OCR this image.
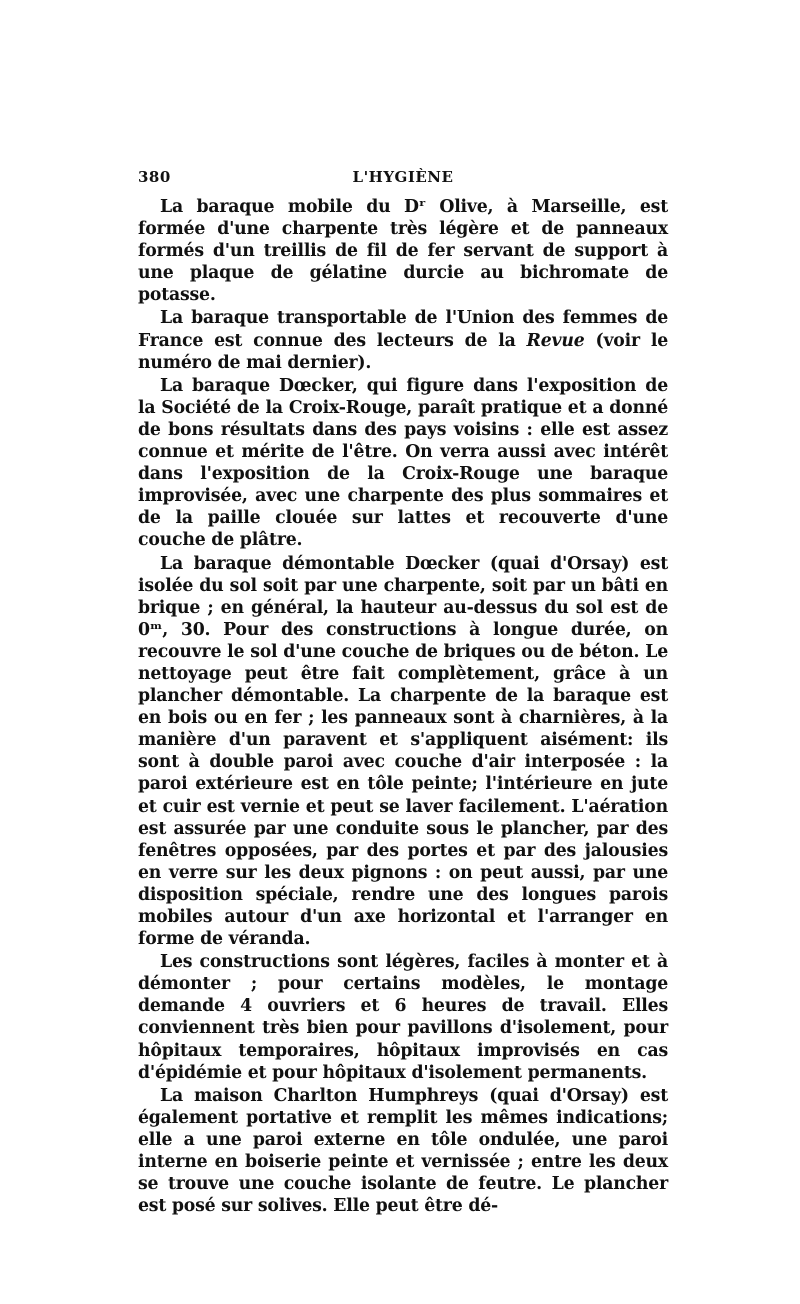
380	L'HYGIÈNE

La baraque mobile du Dʳ Olive, à Marseille, est formée d'une charpente très légère et de panneaux formés d'un treillis de fil de fer servant de support à une plaque de gélatine durcie au bichromate de potasse.

La baraque transportable de l'Union des femmes de France est connue des lecteurs de la Revue (voir le numéro de mai dernier).

La baraque Dœcker, qui figure dans l'exposition de la Société de la Croix-Rouge, paraît pratique et a donné de bons résultats dans des pays voisins : elle est assez connue et mérite de l'être. On verra aussi avec intérêt dans l'exposition de la Croix-Rouge une baraque improvisée, avec une charpente des plus sommaires et de la paille clouée sur lattes et recouverte d'une couche de plâtre.

La baraque démontable Dœcker (quai d'Orsay) est isolée du sol soit par une charpente, soit par un bâti en brique ; en général, la hauteur au-dessus du sol est de 0ᵐ, 30. Pour des constructions à longue durée, on recouvre le sol d'une couche de briques ou de béton. Le nettoyage peut être fait complètement, grâce à un plancher démontable. La charpente de la baraque est en bois ou en fer ; les panneaux sont à charnières, à la manière d'un paravent et s'appliquent aisément: ils sont à double paroi avec couche d'air interposée : la paroi extérieure est en tôle peinte; l'intérieure en jute et cuir est vernie et peut se laver facilement. L'aération est assurée par une conduite sous le plancher, par des fenêtres opposées, par des portes et par des jalousies en verre sur les deux pignons : on peut aussi, par une disposition spéciale, rendre une des longues parois mobiles autour d'un axe horizontal et l'arranger en forme de véranda.

Les constructions sont légères, faciles à monter et à démonter ; pour certains modèles, le montage demande 4 ouvriers et 6 heures de travail. Elles conviennent très bien pour pavillons d'isolement, pour hôpitaux temporaires, hôpitaux improvisés en cas d'épidémie et pour hôpitaux d'isolement permanents.

La maison Charlton Humphreys (quai d'Orsay) est également portative et remplit les mêmes indications; elle a une paroi externe en tôle ondulée, une paroi interne en boiserie peinte et vernissée ; entre les deux se trouve une couche isolante de feutre. Le plancher est posé sur solives. Elle peut être dé-
